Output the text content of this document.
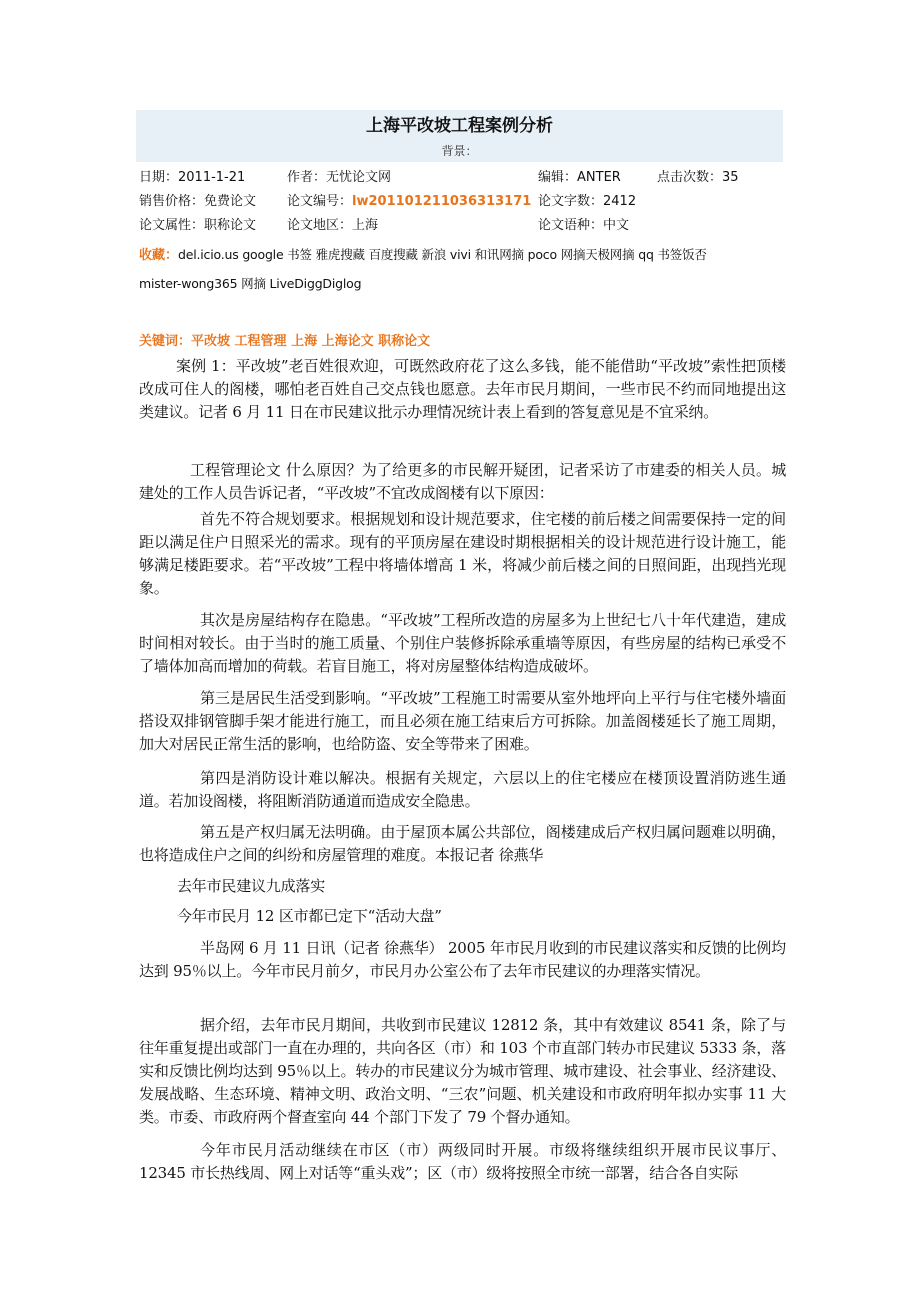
上海平改坡工程案例分析
背景：
日期：2011-1-21	作者：无忧论文网	编辑：ANTER	点击次数：35
销售价格：免费论文 论文编号：lw201101211036313171 论文字数：2412
论文属性：职称论文 论文地区：上海	论文语种：中文
收藏：del.icio.us google 书签 雅虎搜藏 百度搜藏 新浪 vivi 和讯网摘 poco 网摘天极网摘 qq 书签饭否
mister-wong365 网摘 LiveDiggDiglog
关键词：平改坡 工程管理 上海 上海论文 职称论文

案例 1：平改坡”老百姓很欢迎，可既然政府花了这么多钱，能不能借助“平改坡”索性把顶楼改成可住人的阁楼，哪怕老百姓自己交点钱也愿意。去年市民月期间，一些市民不约而同地提出这类建议。记者 6 月 11 日在市民建议批示办理情况统计表上看到的答复意见是不宜采纳。

工程管理论文 什么原因？为了给更多的市民解开疑团，记者采访了市建委的相关人员。城建处的工作人员告诉记者，“平改坡”不宜改成阁楼有以下原因：

首先不符合规划要求。根据规划和设计规范要求，住宅楼的前后楼之间需要保持一定的间距以满足住户日照采光的需求。现有的平顶房屋在建设时期根据相关的设计规范进行设计施工，能够满足楼距要求。若“平改坡”工程中将墙体增高 1 米，将减少前后楼之间的日照间距，出现挡光现象。

其次是房屋结构存在隐患。“平改坡”工程所改造的房屋多为上世纪七八十年代建造，建成时间相对较长。由于当时的施工质量、个别住户装修拆除承重墙等原因，有些房屋的结构已承受不了墙体加高而增加的荷载。若盲目施工，将对房屋整体结构造成破坏。

第三是居民生活受到影响。“平改坡”工程施工时需要从室外地坪向上平行与住宅楼外墙面搭设双排钢管脚手架才能进行施工，而且必须在施工结束后方可拆除。加盖阁楼延长了施工周期，加大对居民正常生活的影响，也给防盗、安全等带来了困难。

第四是消防设计难以解决。根据有关规定，六层以上的住宅楼应在楼顶设置消防逃生通道。若加设阁楼，将阻断消防通道而造成安全隐患。

第五是产权归属无法明确。由于屋顶本属公共部位，阁楼建成后产权归属问题难以明确，也将造成住户之间的纠纷和房屋管理的难度。本报记者 徐燕华

去年市民建议九成落实

今年市民月 12 区市都已定下“活动大盘”

半岛网 6 月 11 日讯（记者 徐燕华） 2005 年市民月收到的市民建议落实和反馈的比例均达到 95％以上。今年市民月前夕，市民月办公室公布了去年市民建议的办理落实情况。

据介绍，去年市民月期间，共收到市民建议 12812 条，其中有效建议 8541 条，除了与往年重复提出或部门一直在办理的，共向各区（市）和 103 个市直部门转办市民建议 5333 条，落实和反馈比例均达到 95％以上。转办的市民建议分为城市管理、城市建设、社会事业、经济建设、发展战略、生态环境、精神文明、政治文明、“三农”问题、机关建设和市政府明年拟办实事 11 大类。市委、市政府两个督查室向 44 个部门下发了 79 个督办通知。

今年市民月活动继续在市区（市）两级同时开展。市级将继续组织开展市民议事厅、12345 市长热线周、网上对话等“重头戏”；区（市）级将按照全市统一部署，结合各自实际
